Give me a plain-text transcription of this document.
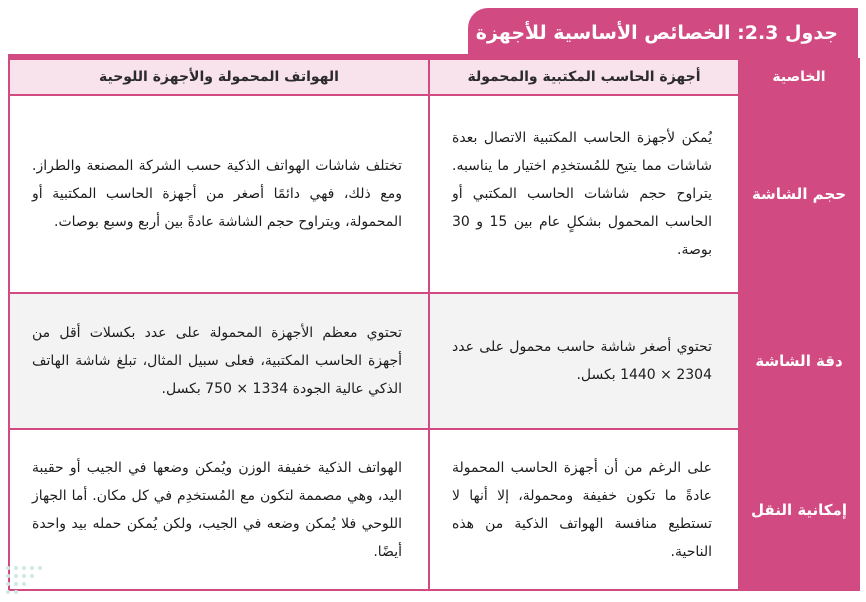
جدول 2.3: الخصائص الأساسية للأجهزة
الخاصية	أجهزة الحاسب المكتبية والمحمولة	الهواتف المحمولة والأجهزة اللوحية
حجم الشاشة	يُمكن لأجهزة الحاسب المكتبية الاتصال بعدة شاشات مما يتيح للمُستخدِم اختيار ما يناسبه. يتراوح حجم شاشات الحاسب المكتبي أو الحاسب المحمول بشكلٍ عام بين 15 و 30 بوصة.	تختلف شاشات الهواتف الذكية حسب الشركة المصنعة والطراز. ومع ذلك، فهي دائمًا أصغر من أجهزة الحاسب المكتبية أو المحمولة، ويتراوح حجم الشاشة عادةً بين أربع وسبع بوصات.
دقة الشاشة	تحتوي أصغر شاشة حاسب محمول على عدد 2304 × 1440 بكسل.	تحتوي معظم الأجهزة المحمولة على عدد بكسلات أقل من أجهزة الحاسب المكتبية، فعلى سبيل المثال، تبلغ شاشة الهاتف الذكي عالية الجودة 1334 × 750 بكسل.
إمكانية النقل	على الرغم من أن أجهزة الحاسب المحمولة عادةً ما تكون خفيفة ومحمولة، إلا أنها لا تستطيع منافسة الهواتف الذكية من هذه الناحية.	الهواتف الذكية خفيفة الوزن ويُمكن وضعها في الجيب أو حقيبة اليد، وهي مصممة لتكون مع المُستخدِم في كل مكان. أما الجهاز اللوحي فلا يُمكن وضعه في الجيب، ولكن يُمكن حمله بيد واحدة أيضًا.
